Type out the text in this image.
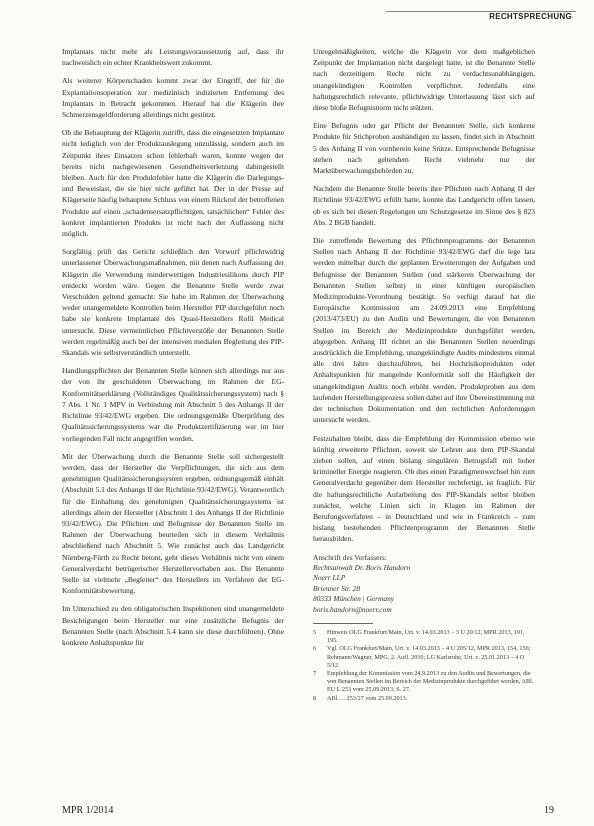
RECHTSPRECHUNG

Implantats nicht mehr als Leistungsvoraussetzung auf, dass ihr nachweislich ein echter Krankheitswert zukommt.

Als weiterer Körperschaden kommt zwar der Eingriff, der für die Explantationsoperation zur medizinisch indizierten Entfernung des Implantats in Betracht gekommen. Hierauf hat die Klägerin ihre Schmerzensgeldforderung allerdings nicht gestützt.

Ob die Behauptung der Klägerin zutrifft, dass die eingesetzten Implantate nicht lediglich von der Produktauslegung unzulässig, sondern auch im Zeitpunkt ihres Einsatzes schon fehlerhaft waren, konnte wegen der bereits nicht nachgewiesenen Gesundheitsverletzung dahingestellt bleiben. Auch für den Produktfehler hatte die Klägerin die Darlegungs- und Beweislast, die sie hier nicht geführt hat. Der in der Presse auf Klägerseite häufig behauptete Schluss von einem Rückruf der betroffenen Produkte auf einen „schadensersatzpflichtigen, tatsächlichen“ Fehler des konkret implantierten Produkts ist nicht nach der Auffassung nicht möglich.

Sorgfältig prüft das Gericht schließlich den Vorwurf pflichtwidrig unterlassener Überwachungsmaßnahmen, mit denen nach Auffassung der Klägerin die Verwendung minderwertigen Industriesilikons durch PIP entdeckt worden wäre. Gegen die Benannte Stelle werde zwar Verschulden geltend gemacht: Sie habe im Rahmen der Überwachung weder unangemeldete Kontrollen beim Hersteller PIP durchgeführt noch habe sie konkrete Implantate des Quasi-Herstellers Rofil Medical untersucht. Diese vermeintlichen Pflichtverstöße der Benannten Stelle werden regelmäßig auch bei der intensiven medialen Begleitung des PIP-Skandals wie selbstverständlich unterstellt.

Handlungspflichten der Benannten Stelle können sich allerdings nur aus der von ihr geschuldeten Überwachung im Rahmen der EG-Konformitätserklärung (Vollständiges Qualitätssicherungssystem) nach § 7 Abs. 1 Nr. 1 MPV in Verbindung mit Abschnitt 5 des Anhangs II der Richtlinie 93/42/EWG ergeben. Die ordnungsgemäße Überprüfung des Qualitätssicherungssystems war die Produktzertifizierung war im hier vorliegenden Fall nicht angegriffen worden.

Mit der Überwachung durch die Benannte Stelle soll sichergestellt werden, dass der Hersteller die Verpflichtungen, die sich aus dem genehmigten Qualitätssicherungssystem ergeben, ordnungsgemäß einhält (Abschnitt 5.1 des Anhangs II der Richtlinie 93/42/EWG). Verantwortlich für die Einhaltung des genehmigten Qualitätssicherungssystems ist allerdings allein der Hersteller (Abschnitt 1 des Anhangs II der Richtlinie 93/42/EWG). Die Pflichten und Befugnisse der Benannten Stelle im Rahmen der Überwachung beurteilen sich in diesem Verhältnis abschließend nach Abschnitt 5. Wie zunächst auch das Landgericht Nürnberg-Fürth zu Recht betont, geht dieses Verhältnis nicht von einem Generalverdacht betrügerischer Herstellervorhaben aus. Die Benannte Stelle ist vielmehr „Begleiter“ des Herstellers im Verfahren der EG-Konformitätsbewertung.

Im Unterschied zu den obligatorischen Inspektionen sind unangemeldete Besichtigungen beim Hersteller nur eine zusätzliche Befugnis der Benannten Stelle (nach Abschnitt 5.4 kann sie diese durchführen). Ohne konkrete Anhaltspunkte für

Unregelmäßigkeiten, welche die Klägerin vor dem maßgeblichen Zeitpunkt der Implantation nicht dargelegt hatte, ist die Benannte Stelle nach derzeitigem Recht nicht zu verdachtsunabhängigen, unangekündigten Kontrollen verpflichtet. Jedenfalls eine haftungsrechtlich relevante, pflichtwidrige Unterlassung lässt sich auf diese bloße Befugnisnorm nicht stützen.

Eine Befugnis oder gar Pflicht der Benannten Stelle, sich konkrete Produkte für Stichproben aushändigen zu lassen, findet sich in Abschnitt 5 des Anhang II von vornherein keine Stütze. Entsprechende Befugnisse stehen nach geltendem Recht vielmehr nur der Marktüberwachungsbehörden zu.

Nachdem die Benannte Stelle bereits ihre Pflichten nach Anhang II der Richtlinie 93/42/EWG erfüllt hatte, konnte das Landgericht offen lassen, ob es sich bei diesen Regelungen um Schutzgesetze im Sinne des § 823 Abs. 2 BGB handelt.

Die zutreffende Bewertung des Pflichtenprogramms der Benannten Stellen nach Anhang II der Richtlinie 93/42/EWG darf die lege lata werden mittelbar durch die geplanten Erweiterungen der Aufgaben und Befugnisse der Benannten Stellen (und stärkeren Überwachung der Benannten Stellen selbst) in einer künftigen europäischen Medizinprodukte-Verordnung bestätigt. So verfügt darauf hat die Europäische Kommission am 24.09.2013 eine Empfehlung (2013/473/EU) zu den Audits und Bewertungen, die von Benannten Stellen im Bereich der Medizinprodukte durchgeführt werden, abgegeben. Anhang III richtet an die Benannten Stellen neuerdings ausdrücklich die Empfehlung, unangekündigte Audits mindestens einmal alle drei Jahre durchzuführen, bei Hochrisikoprodukten oder Anhaltspunkten für mangelnde Konformität soll die Häufigkeit der unangekündigten Audits noch erhöht werden. Produktproben aus dem laufenden Herstellungsprozess sollen dabei auf ihre Übereinstimmung mit der technischen Dokumentation und den rechtlichen Anforderungen untersucht werden.

Festzuhalten bleibt, dass die Empfehlung der Kommission ebenso wie künftig erweiterte Pflichten, soweit sie Lehren aus dem PIP-Skandal ziehen sollen, auf einen bislang singulären Betrugsfall mit hoher krimineller Energie reagieren. Ob dies einen Paradigmenwechsel hin zum Generalverdacht gegenüber dem Hersteller rechtfertigt, ist fraglich. Für die haftungsrechtliche Aufarbeitung des PIP-Skandals selbst bleiben zunächst, welche Linien sich in Klagen im Rahmen der Berufungsverfahren – in Deutschland und wie in Frankreich – zum bislang bestehenden Pflichtenprogramm der Benannten Stelle herausbilden.

Anschrift des Verfassers:
Rechtsanwalt Dr. Boris Handorn
Noerr LLP
Brienner Str. 28
80333 München | Germany
boris.handorn@noerr.com
5	Hinweis OLG Frankfurt/Main, Urt. v. 14.03.2013 – 3 U 20/12, MPR 2013, 191, 195.
6	Vgl. OLG Frankfurt/Main, Urt. v. 14.03.2013 – 4 U 205/12, MPR 2013, 154, 156; Rehmann/Wagner, MPG, 2. Aufl. 2010; LG Karlsruhe, Urt. v. 25.01.2013 – 4 O 5/12.
7	Empfehlung der Kommission vom 24.9.2013 zu den Audits und Bewertungen, die von Benannten Stellen im Bereich der Medizinprodukte durchgeführt werden, ABl. EU L 253 vom 25.09.2013, S. 27.
8	ABl. ... 253/27 vom 25.09.2013.
MPR 1/2014	19
